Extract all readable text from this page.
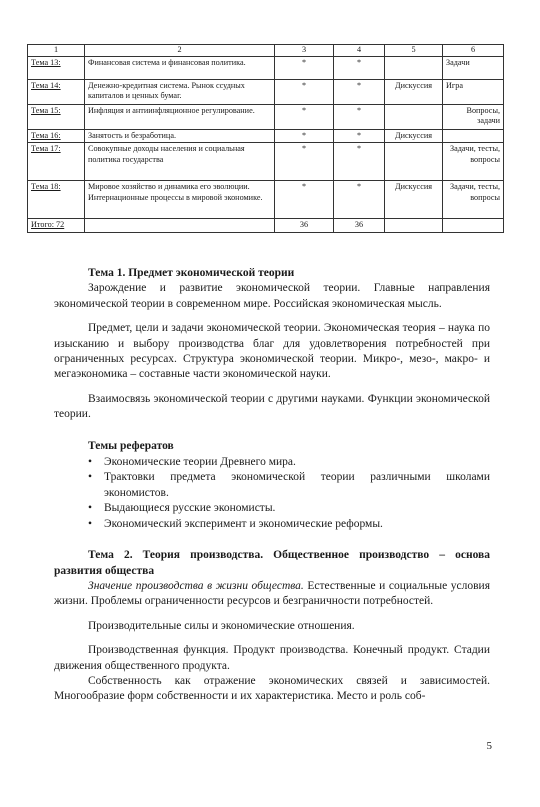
1	2	3	4	5	6
Тема 13:	Финансовая система и финансовая политика.	*	*		Задачи
Тема 14:	Денежно-кредитная система. Рынок ссудных капиталов и ценных бумаг.	*	*	Дискуссия	Игра
Тема 15:	Инфляция и антиинфляционное регулирование.	*	*		Вопросы, задачи
Тема 16:	Занятость и безработица.	*	*	Дискуссия	
Тема 17:	Совокупные доходы населения и социальная политика государства	*	*		Задачи, тесты, вопросы
Тема 18:	Мировое хозяйство и динамика его эволюции. Интернационные процессы в мировой экономике.	*	*	Дискуссия	Задачи, тесты, вопросы
Итого: 72		36	36		

Тема 1. Предмет экономической теории

Зарождение и развитие экономической теории. Главные направления экономической теории в современном мире. Российская экономическая мысль.

Предмет, цели и задачи экономической теории. Экономическая теория – наука по изысканию и выбору производства благ для удовлетворения потребностей при ограниченных ресурсах. Структура экономической теории. Микро-, мезо-, макро- и мегаэкономика – составные части экономической науки.

Взаимосвязь экономической теории с другими науками. Функции экономической теории.

Темы рефератов

• Экономические теории Древнего мира.
• Трактовки предмета экономической теории различными школами экономистов.
• Выдающиеся русские экономисты.
• Экономический эксперимент и экономические реформы.

Тема 2. Теория производства. Общественное производство – основа развития общества

Значение производства в жизни общества. Естественные и социальные условия жизни. Проблемы ограниченности ресурсов и безграничности потребностей.

Производительные силы и экономические отношения.

Производственная функция. Продукт производства. Конечный продукт. Стадии движения общественного продукта.

Собственность как отражение экономических связей и зависимостей. Многообразие форм собственности и их характеристика. Место и роль соб-

5
